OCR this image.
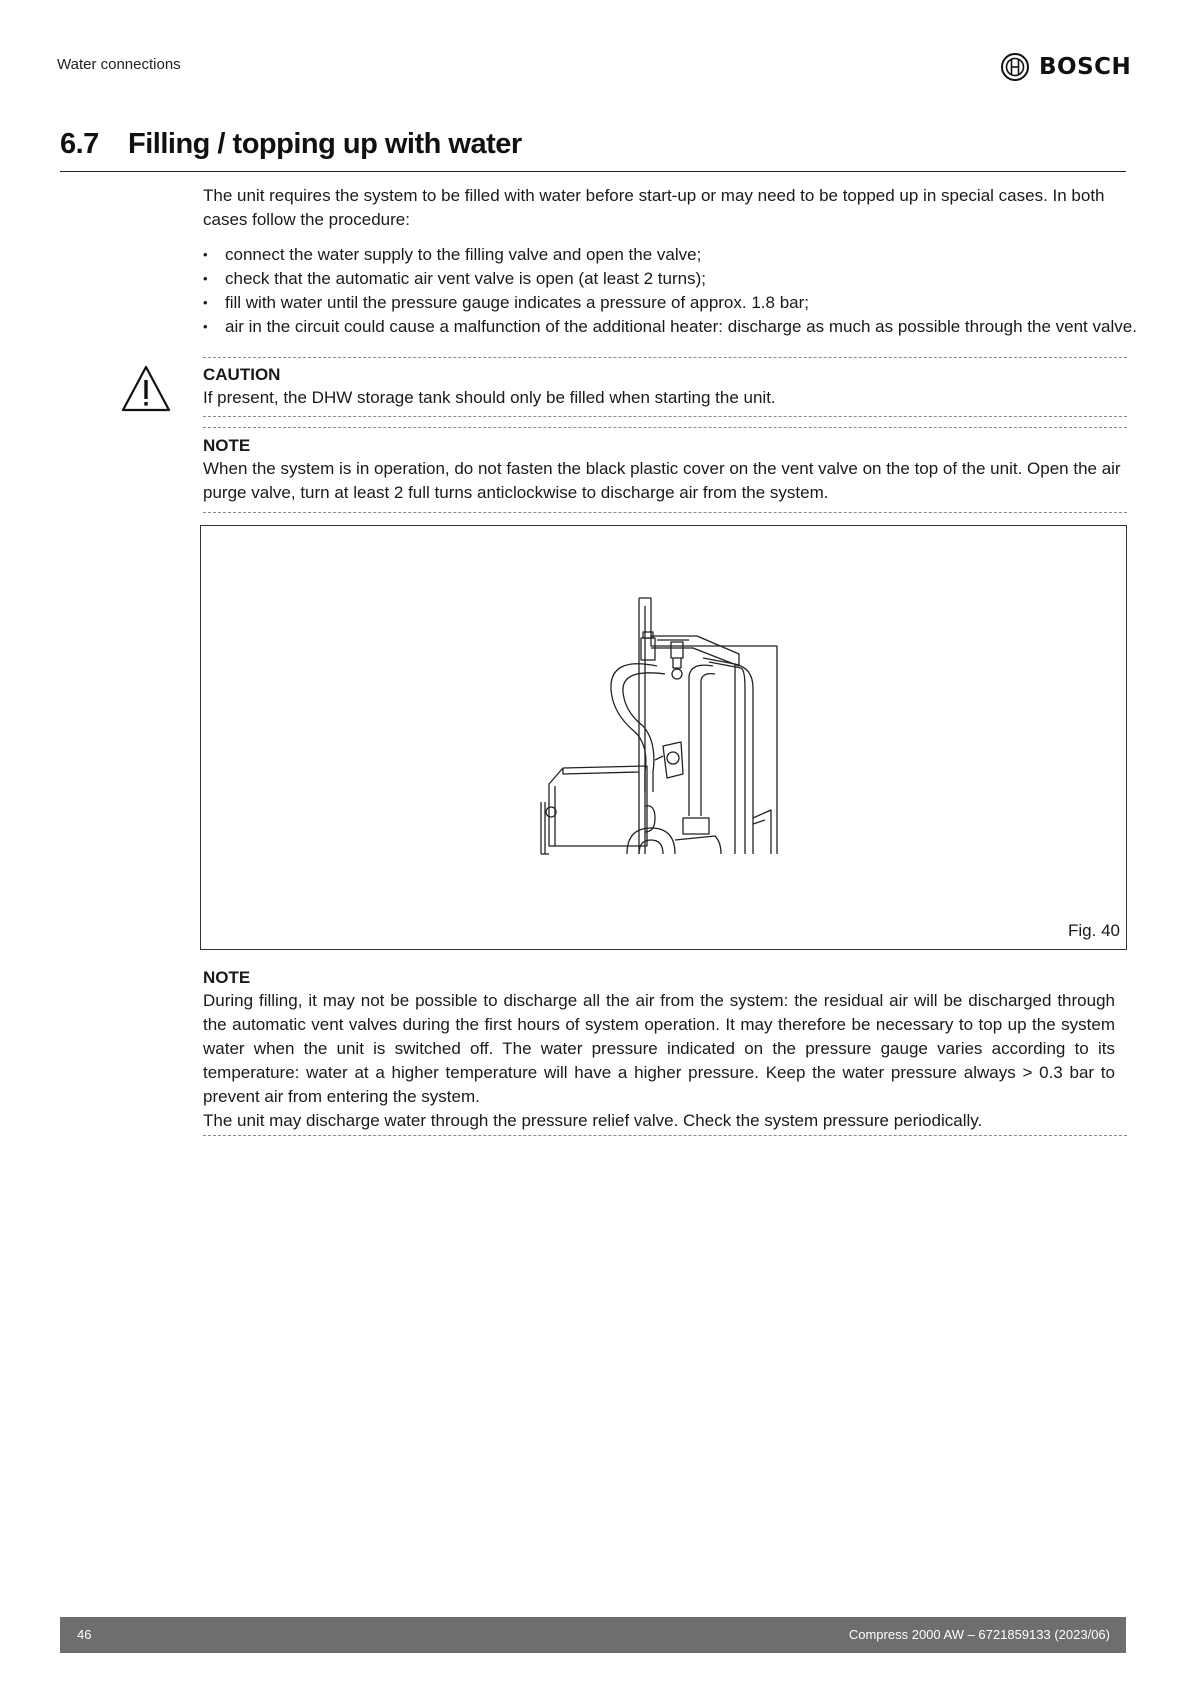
Water connections	BOSCH
6.7 Filling / topping up with water
The unit requires the system to be filled with water before start-up or may need to be topped up in special cases. In both cases follow the procedure:
• connect the water supply to the filling valve and open the valve;
• check that the automatic air vent valve is open (at least 2 turns);
• fill with water until the pressure gauge indicates a pressure of approx. 1.8 bar;
• air in the circuit could cause a malfunction of the additional heater: discharge as much as possible through the vent valve.
CAUTION
If present, the DHW storage tank should only be filled when starting the unit.
NOTE
When the system is in operation, do not fasten the black plastic cover on the vent valve on the top of the unit. Open the air purge valve, turn at least 2 full turns anticlockwise to discharge air from the system.
Fig. 40
NOTE
During filling, it may not be possible to discharge all the air from the system: the residual air will be discharged through the automatic vent valves during the first hours of system operation. It may therefore be necessary to top up the system water when the unit is switched off. The water pressure indicated on the pressure gauge varies according to its temperature: water at a higher temperature will have a higher pressure. Keep the water pressure always > 0.3 bar to prevent air from entering the system.
The unit may discharge water through the pressure relief valve. Check the system pressure periodically.
46	Compress 2000 AW – 6721859133 (2023/06)
